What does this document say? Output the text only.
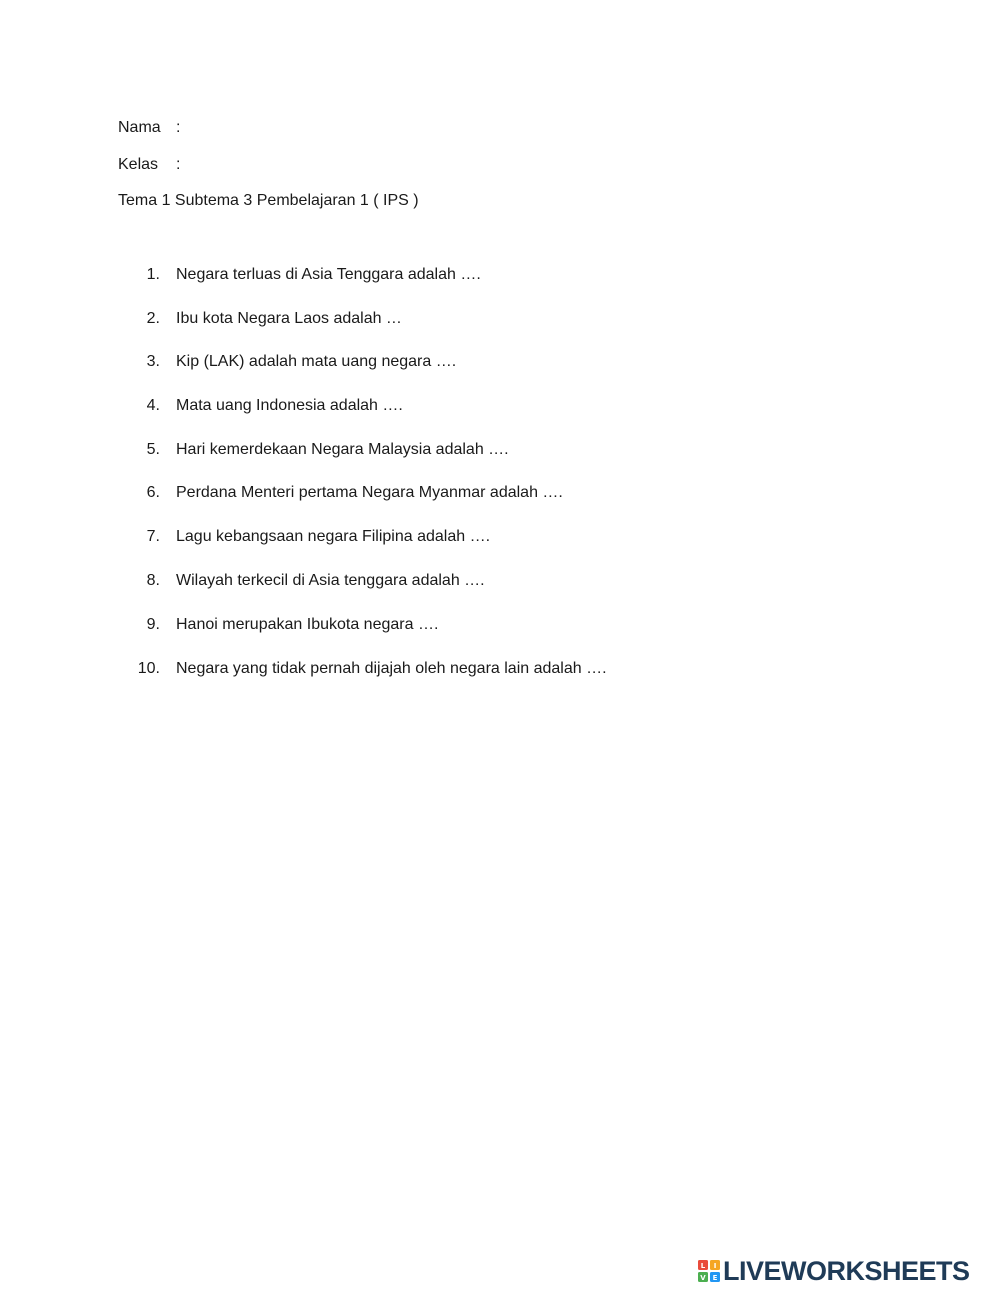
Nama :
Kelas :
Tema 1 Subtema 3 Pembelajaran 1 ( IPS )
1. Negara terluas di Asia Tenggara adalah ….
2. Ibu kota Negara Laos adalah …
3. Kip (LAK) adalah mata uang negara ….
4. Mata uang Indonesia adalah ….
5. Hari kemerdekaan Negara Malaysia adalah ….
6. Perdana Menteri pertama Negara Myanmar adalah ….
7. Lagu kebangsaan negara Filipina adalah ….
8. Wilayah terkecil di Asia tenggara adalah ….
9. Hanoi merupakan Ibukota negara ….
10. Negara yang tidak pernah dijajah oleh negara lain adalah ….
L I
V E LIVEWORKSHEETS
